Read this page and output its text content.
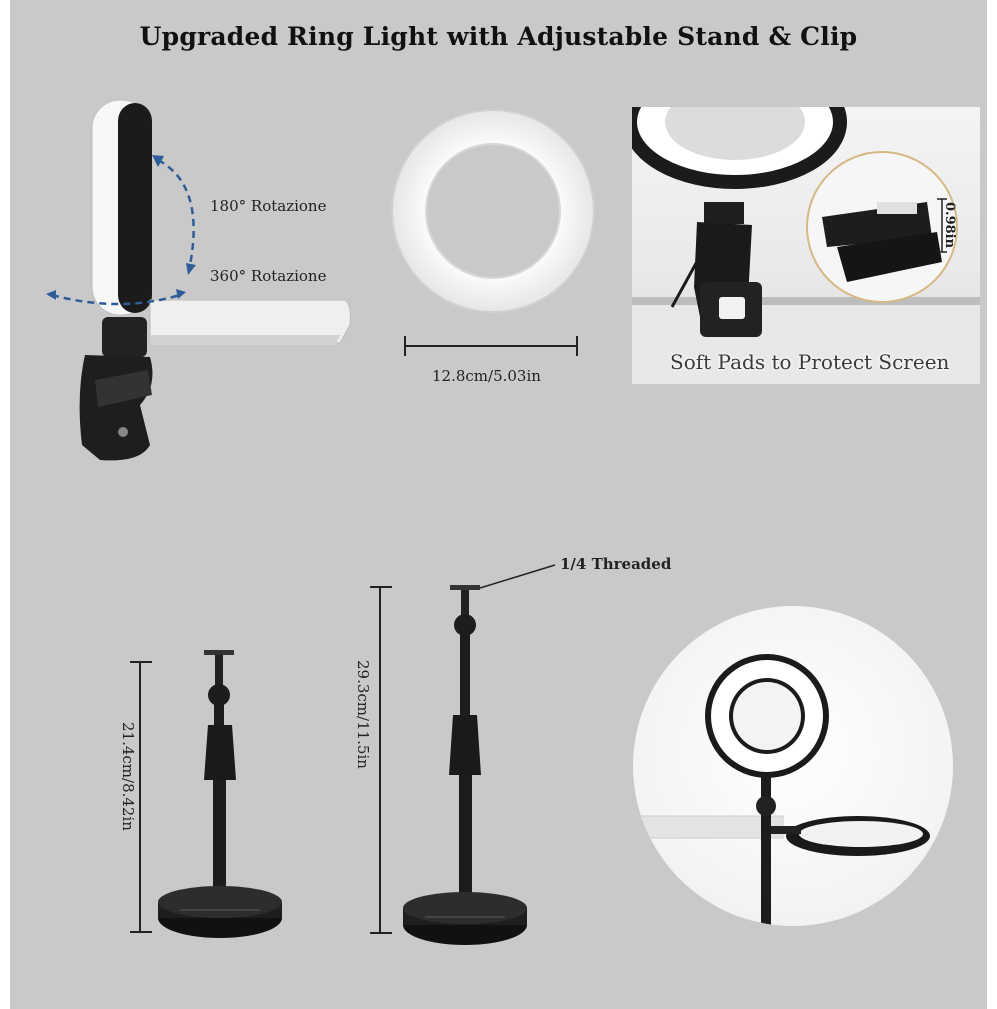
Upgraded Ring Light with Adjustable Stand & Clip
180° Rotazione
360° Rotazione
12.8cm/5.03in
0.98in
Soft Pads to Protect Screen
21.4cm/8.42in
1/4 Threaded
29.3cm/11.5in
